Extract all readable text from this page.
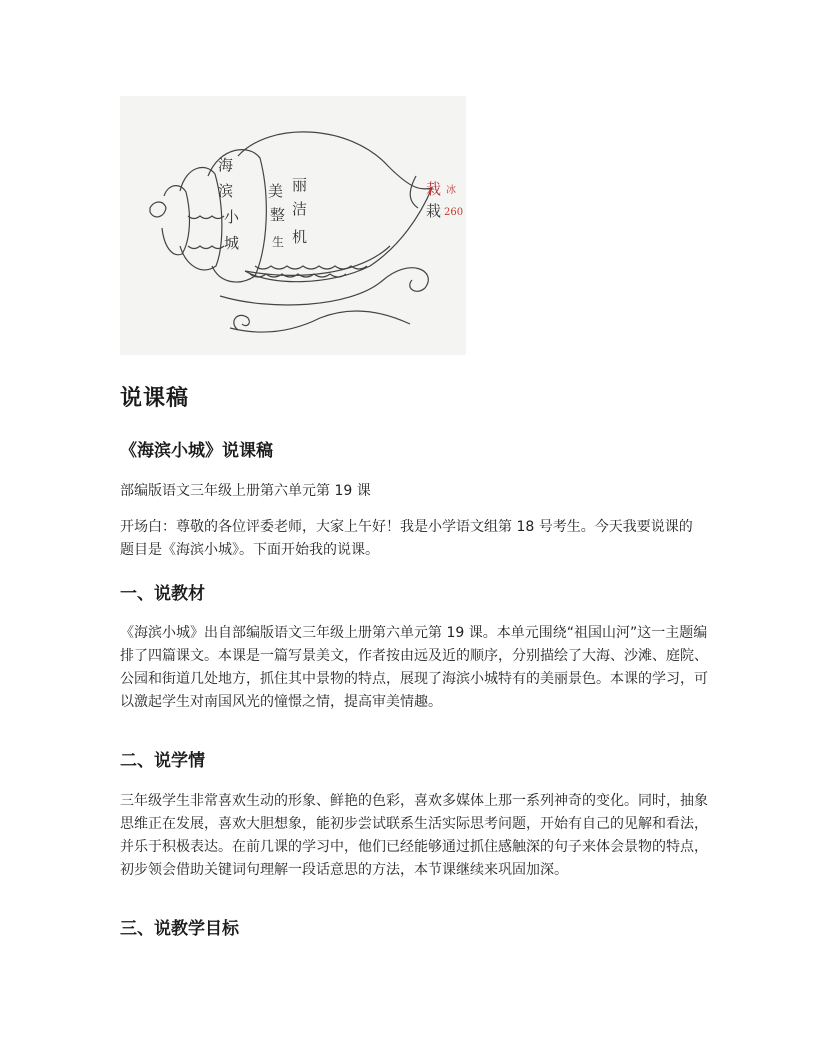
海
滨
小
城
美
整
丽
洁
生 机
栽
栽
冰
260
说课稿
《海滨小城》说课稿

部编版语文三年级上册第六单元第 19 课

开场白：尊敬的各位评委老师，大家上午好！我是小学语文组第 18 号考生。今天我要说课的题目是《海滨小城》。下面开始我的说课。

一、说教材

《海滨小城》出自部编版语文三年级上册第六单元第 19 课。本单元围绕“祖国山河”这一主题编排了四篇课文。本课是一篇写景美文，作者按由远及近的顺序，分别描绘了大海、沙滩、庭院、公园和街道几处地方，抓住其中景物的特点，展现了海滨小城特有的美丽景色。本课的学习，可以激起学生对南国风光的憧憬之情，提高审美情趣。

二、说学情

三年级学生非常喜欢生动的形象、鲜艳的色彩，喜欢多媒体上那一系列神奇的变化。同时，抽象思维正在发展，喜欢大胆想象，能初步尝试联系生活实际思考问题，开始有自己的见解和看法，并乐于积极表达。在前几课的学习中，他们已经能够通过抓住感触深的句子来体会景物的特点，初步领会借助关键词句理解一段话意思的方法，本节课继续来巩固加深。

三、说教学目标
